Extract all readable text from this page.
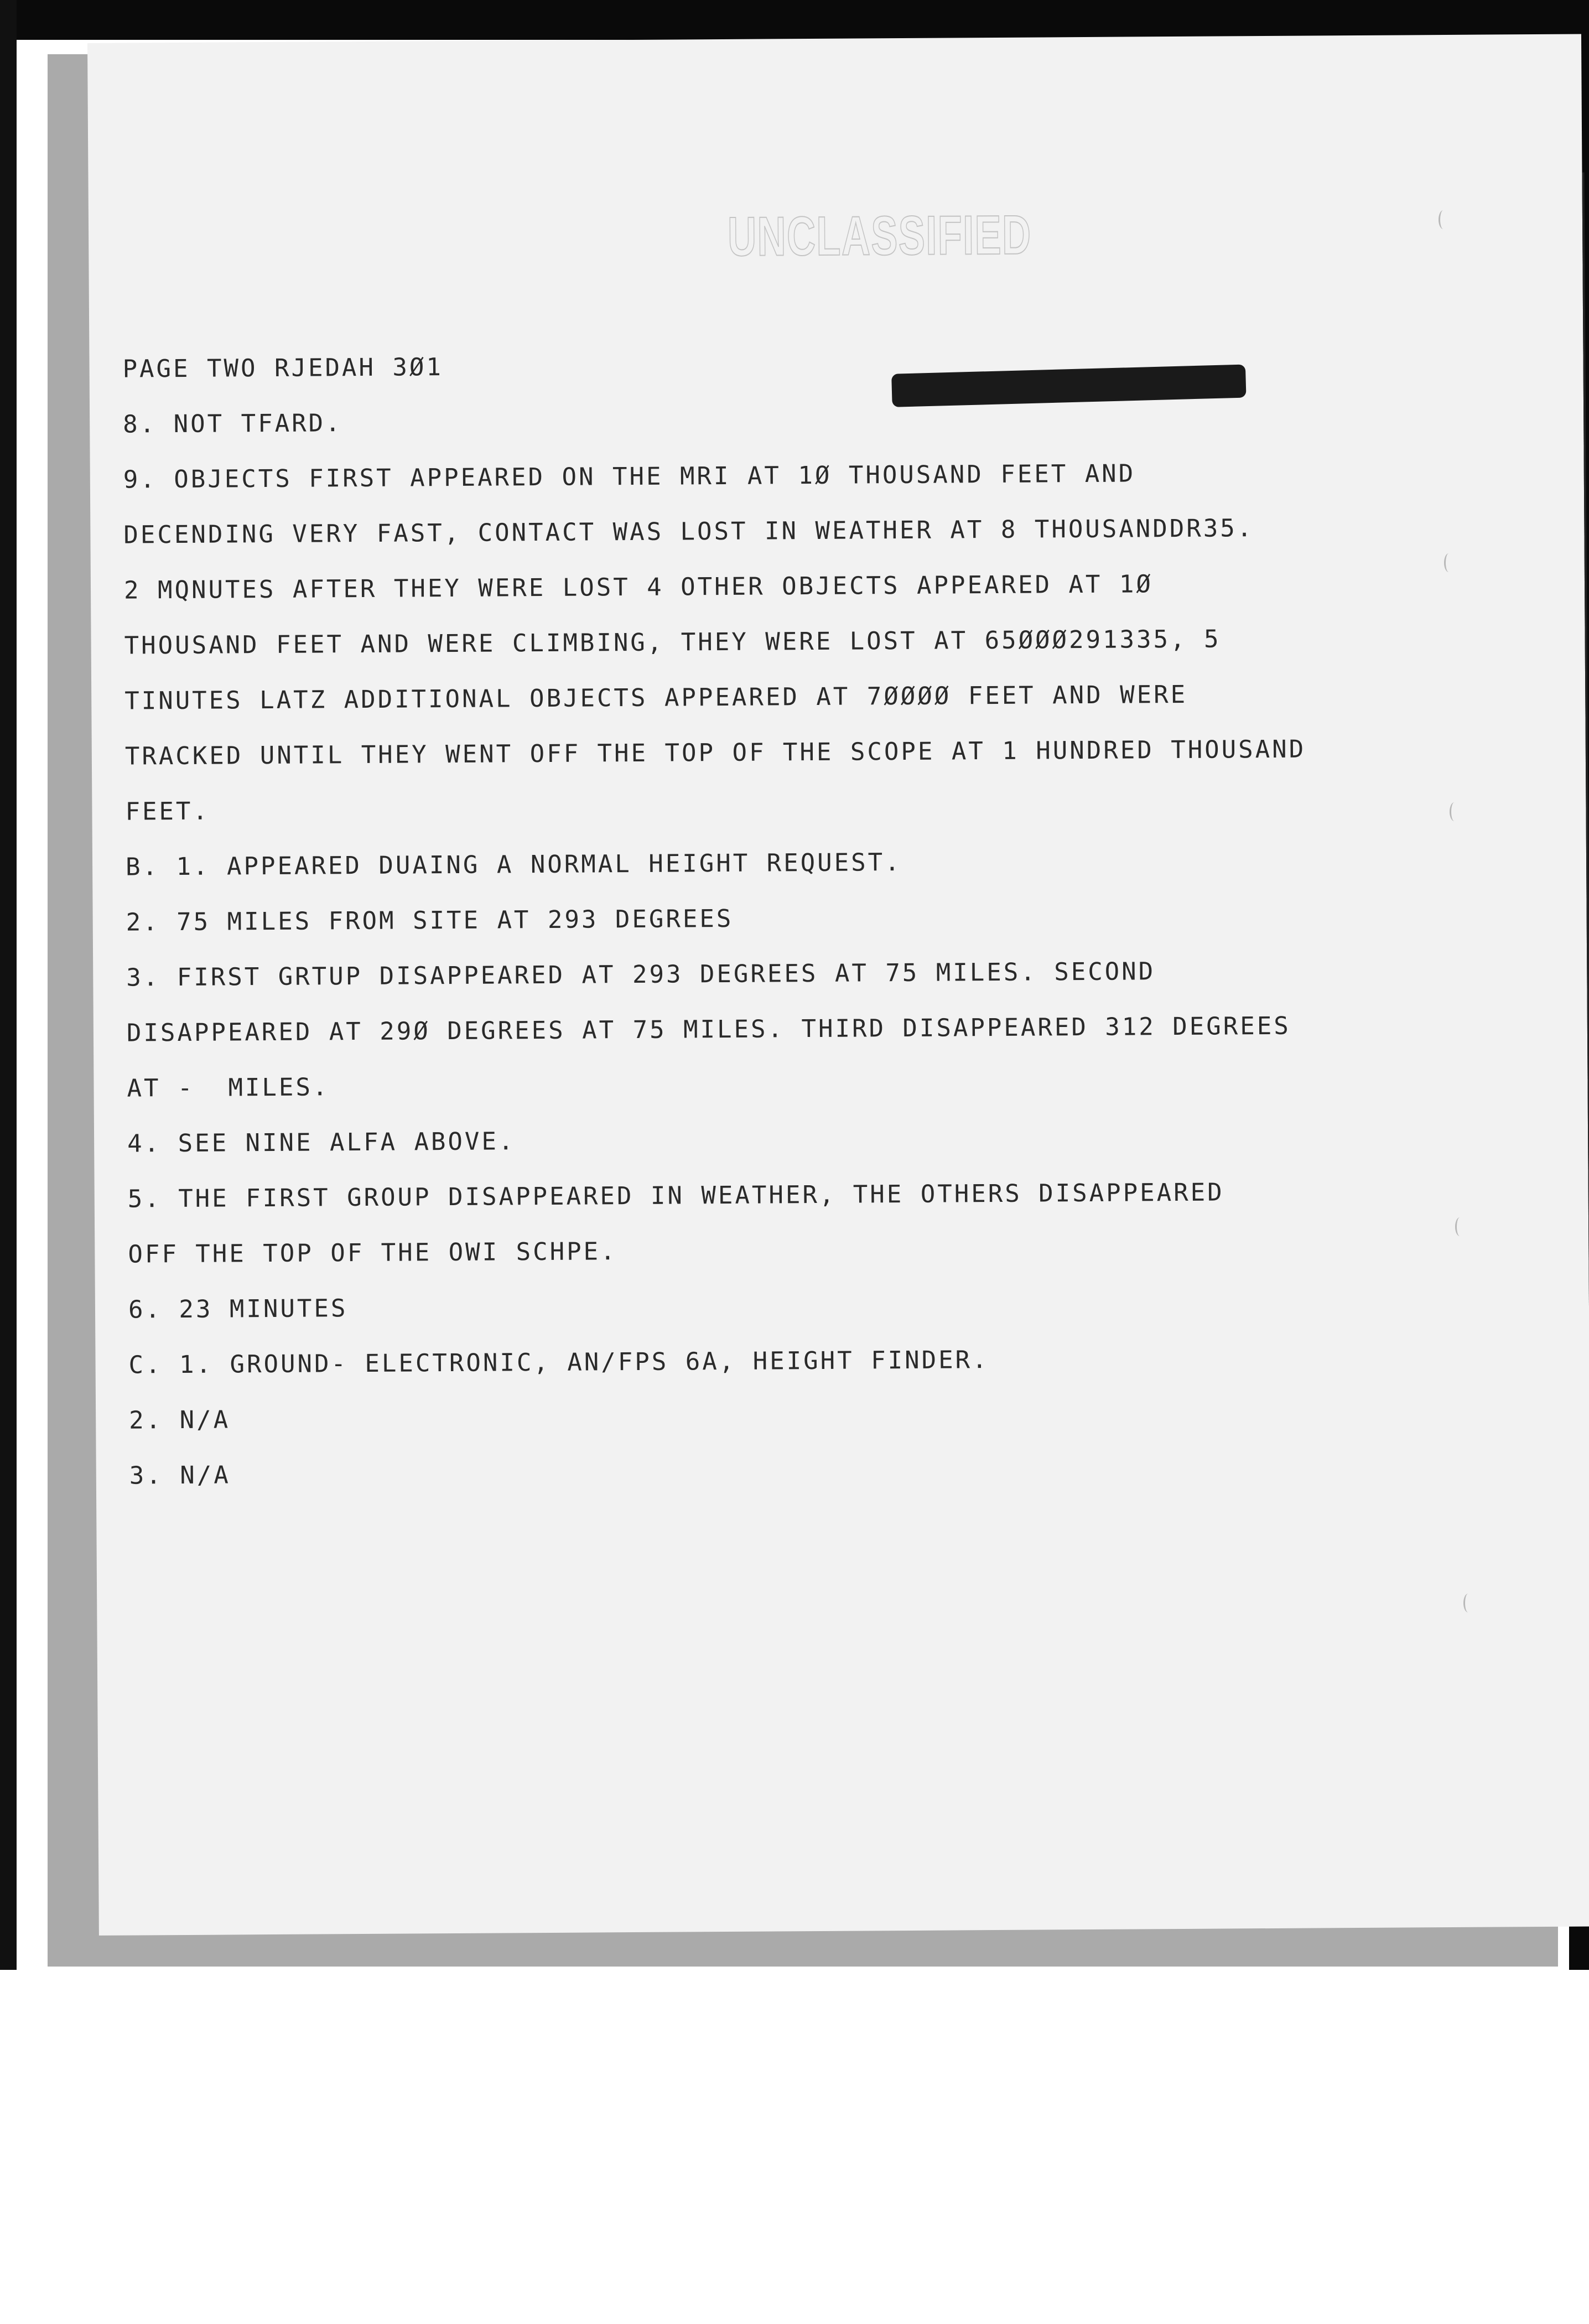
UNCLASSIFIED
PAGE TWO RJEDAH 3Ø1
8. NOT TFARD.
9. OBJECTS FIRST APPEARED ON THE MRI AT 1Ø THOUSAND FEET AND
DECENDING VERY FAST, CONTACT WAS LOST IN WEATHER AT 8 THOUSANDDR35.
2 MQNUTES AFTER THEY WERE LOST 4 OTHER OBJECTS APPEARED AT 1Ø
THOUSAND FEET AND WERE CLIMBING, THEY WERE LOST AT 65ØØØ291335, 5
TINUTES LATZ ADDITIONAL OBJECTS APPEARED AT 7ØØØØ FEET AND WERE
TRACKED UNTIL THEY WENT OFF THE TOP OF THE SCOPE AT 1 HUNDRED THOUSAND
FEET.
B. 1. APPEARED DUAING A NORMAL HEIGHT REQUEST.
2. 75 MILES FROM SITE AT 293 DEGREES
3. FIRST GRTUP DISAPPEARED AT 293 DEGREES AT 75 MILES. SECOND
DISAPPEARED AT 29Ø DEGREES AT 75 MILES. THIRD DISAPPEARED 312 DEGREES
AT -  MILES.
4. SEE NINE ALFA ABOVE.
5. THE FIRST GROUP DISAPPEARED IN WEATHER, THE OTHERS DISAPPEARED
OFF THE TOP OF THE OWI SCHPE.
6. 23 MINUTES
C. 1. GROUND- ELECTRONIC, AN/FPS 6A, HEIGHT FINDER.
2. N/A
3. N/A
